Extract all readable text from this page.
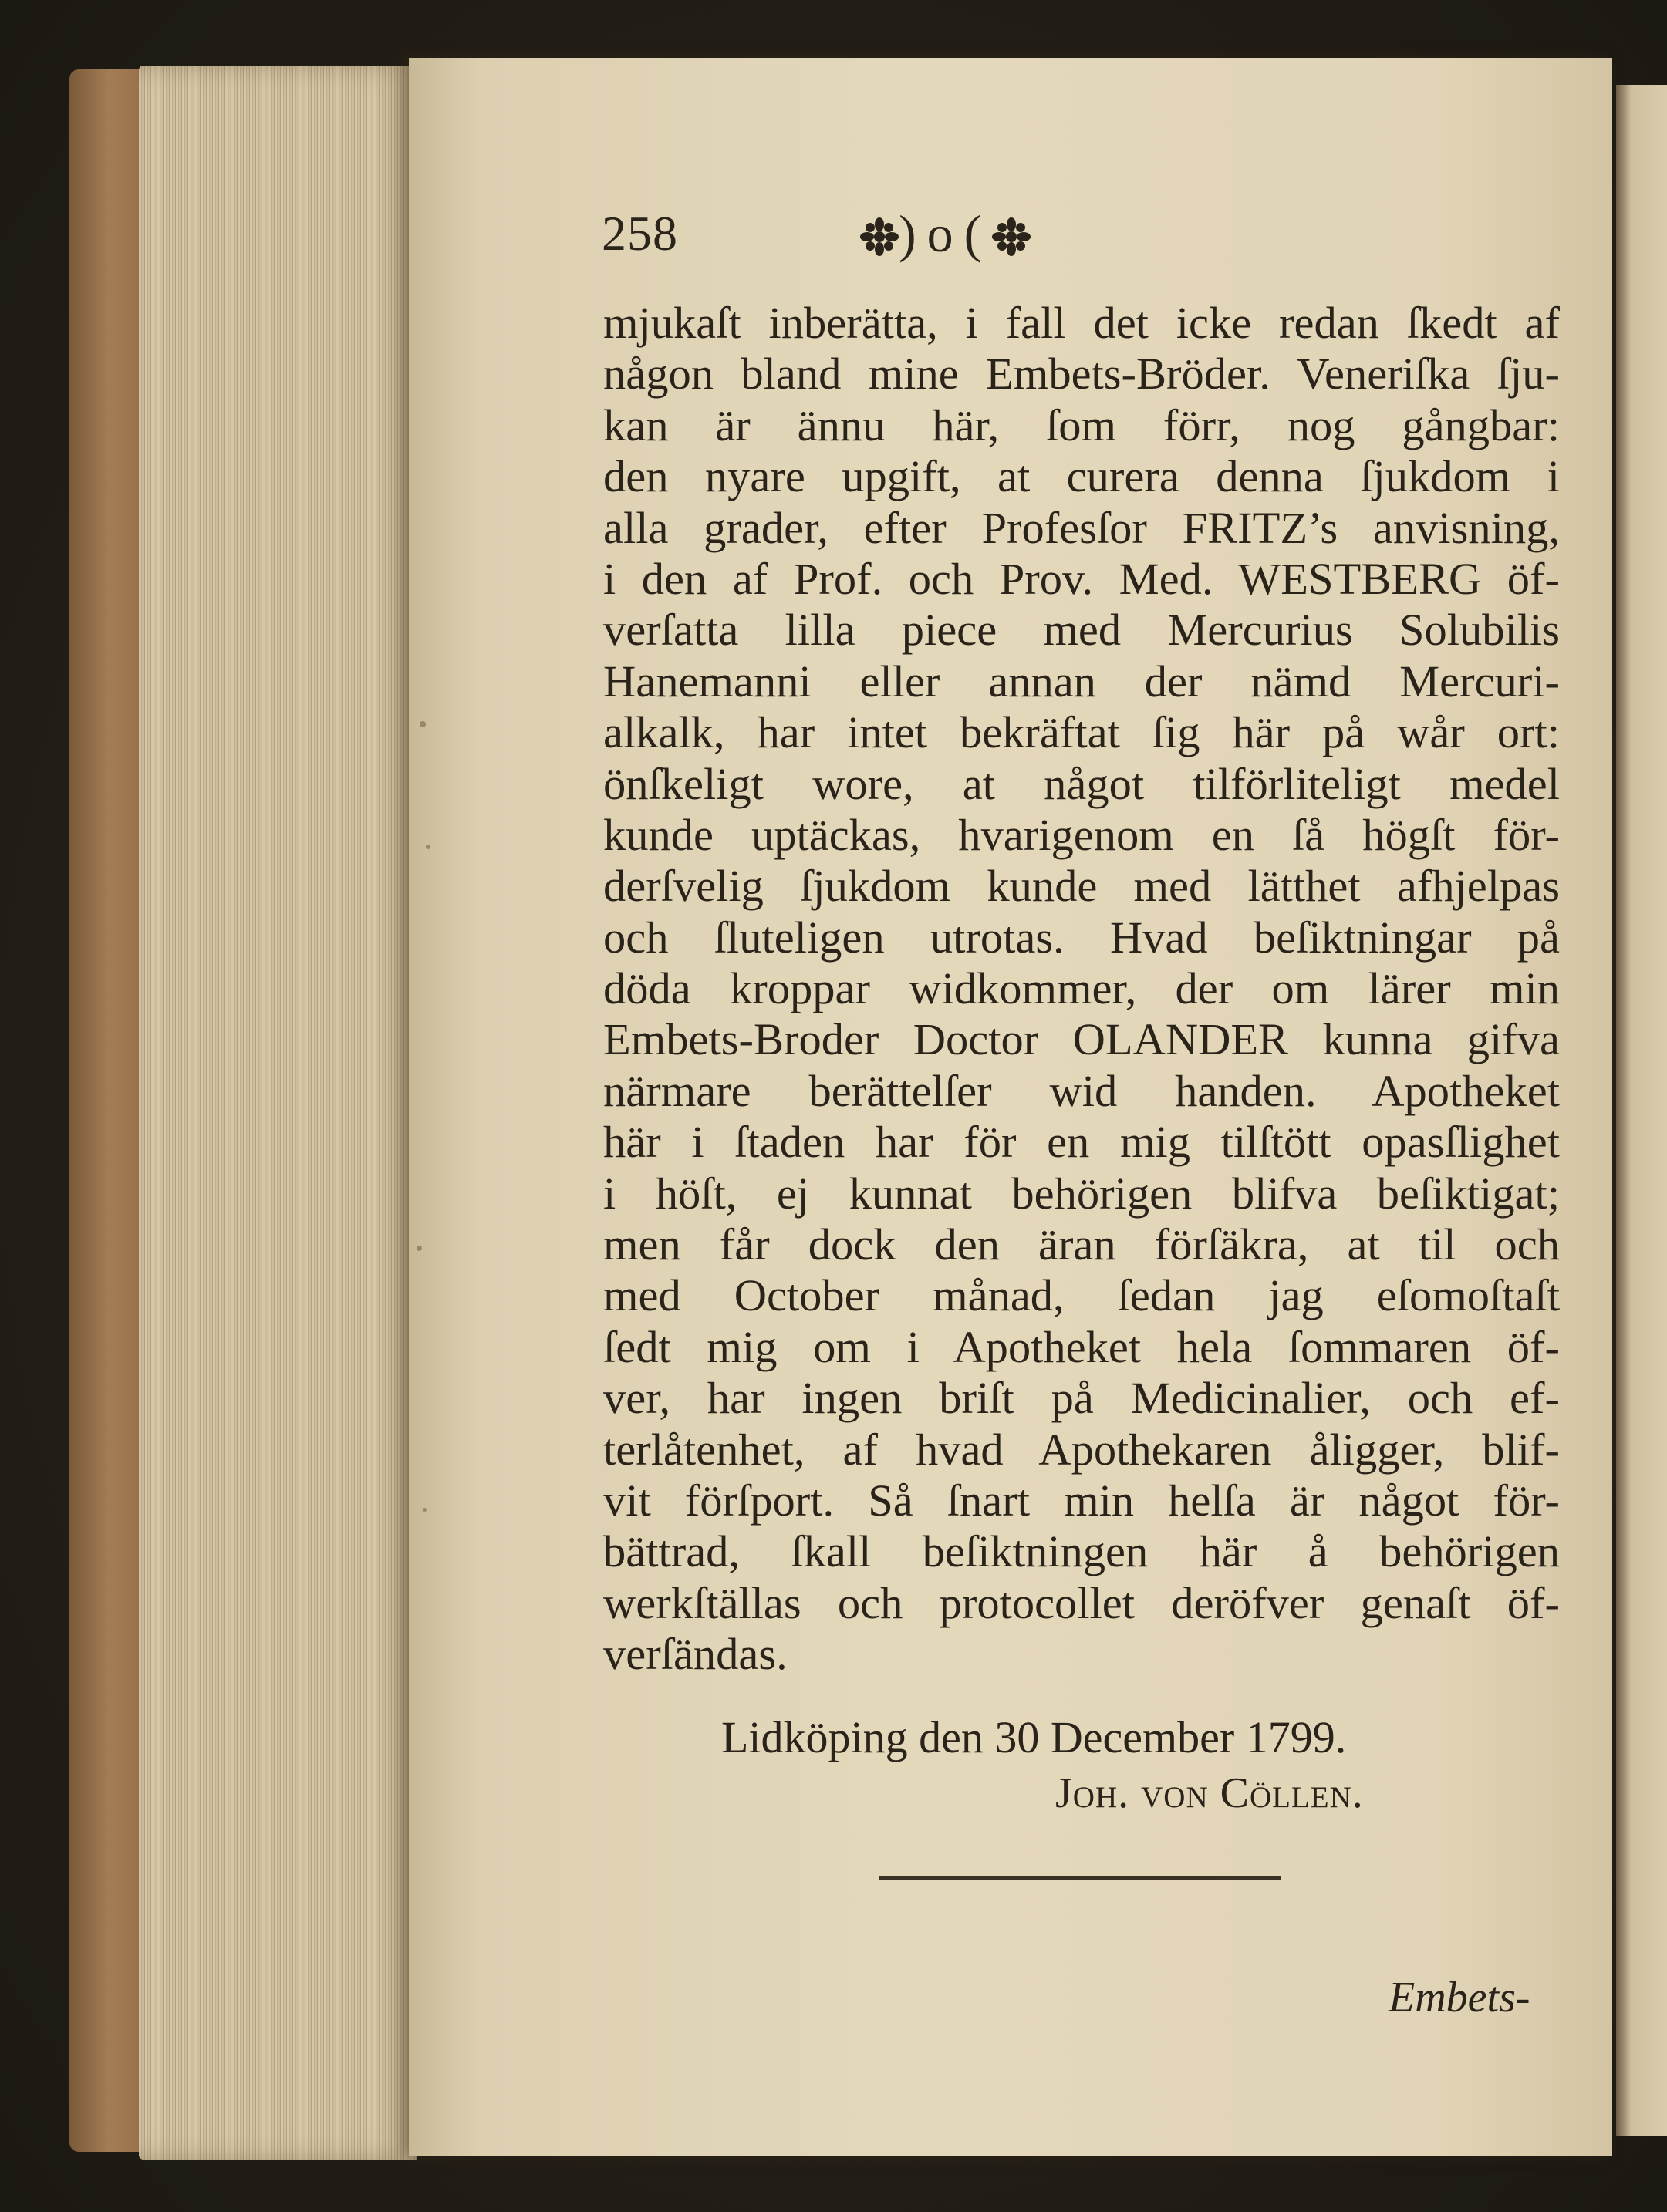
258	)o(
mjukaſt inberätta, i fall det icke redan ſkedt af
någon bland mine Embets-Bröder. Veneriſka ſju-
kan är ännu här, ſom förr, nog gångbar:
den nyare upgift, at curera denna ſjukdom i
alla grader, efter Profesſor FRITZ’s anvisning,
i den af Prof. och Prov. Med. WESTBERG öf-
verſatta lilla piece med Mercurius Solubilis
Hanemanni eller annan der nämd Mercuri-
alkalk, har intet bekräftat ſig här på wår ort:
önſkeligt wore, at något tilförliteligt medel
kunde uptäckas, hvarigenom en ſå högſt för-
derſvelig ſjukdom kunde med lätthet afhjelpas
och ſluteligen utrotas. Hvad beſiktningar på
döda kroppar widkommer, der om lärer min
Embets-Broder Doctor OLANDER kunna gifva
närmare berättelſer wid handen. Apotheket
här i ſtaden har för en mig tilſtött opasſlighet
i höſt, ej kunnat behörigen blifva beſiktigat;
men får dock den äran förſäkra, at til och
med October månad, ſedan jag eſomoſtaſt
ſedt mig om i Apotheket hela ſommaren öf-
ver, har ingen briſt på Medicinalier, och ef-
terlåtenhet, af hvad Apothekaren åligger, blif-
vit förſport. Så ſnart min helſa är något för-
bättrad, ſkall beſiktningen här å behörigen
werkſtällas och protocollet deröfver genaſt öf-
verſändas.
Lidköping den 30 December 1799.
Joh. von Cöllen.
Embets-
